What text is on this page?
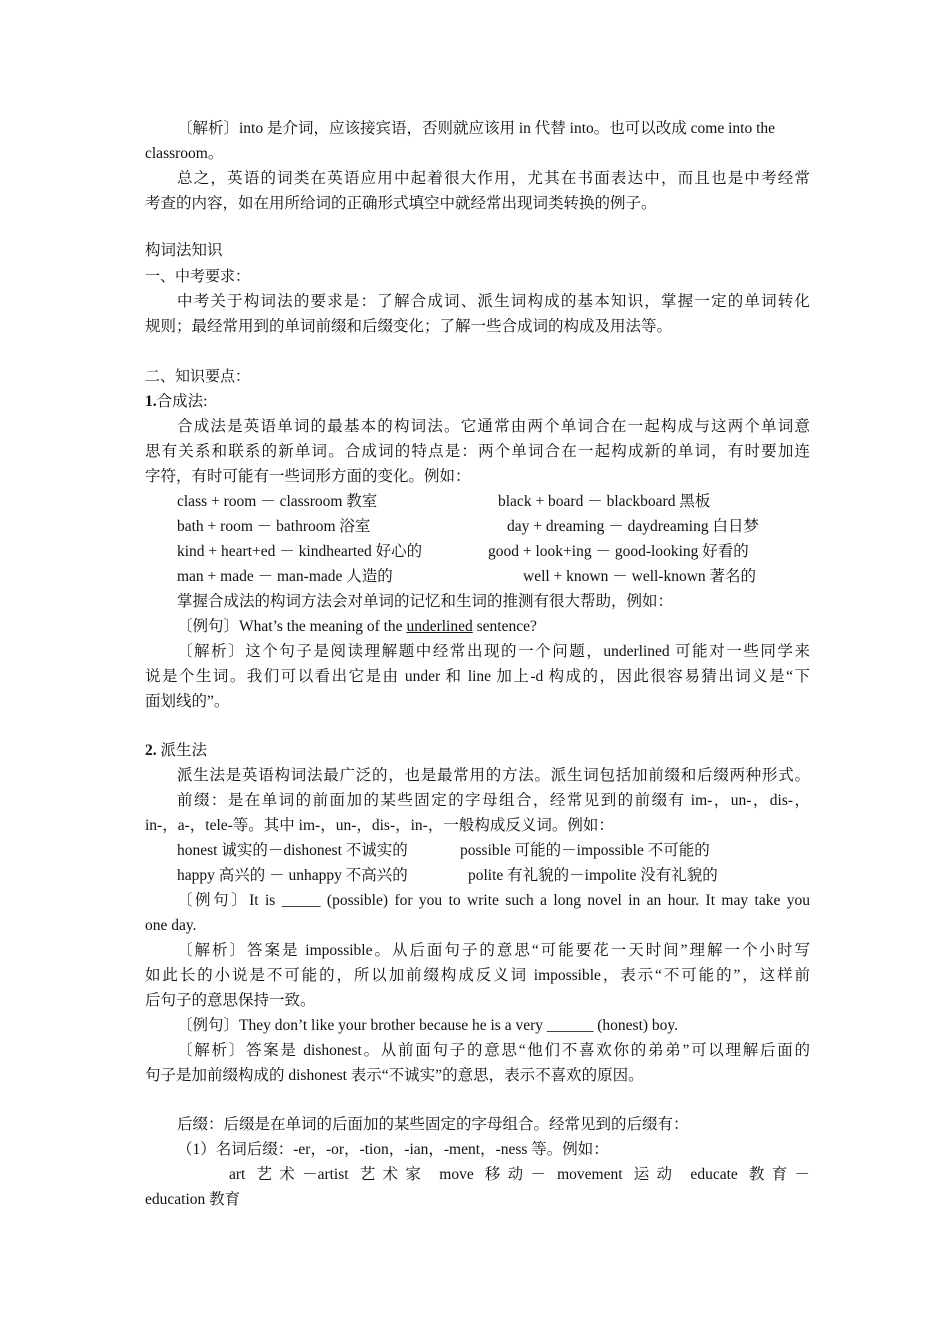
〔解析〕into 是介词，应该接宾语，否则就应该用 in 代替 into。也可以改成 come into the
classroom。
总之，英语的词类在英语应用中起着很大作用，尤其在书面表达中，而且也是中考经常
考查的内容，如在用所给词的正确形式填空中就经常出现词类转换的例子。
构词法知识
一、中考要求：
中考关于构词法的要求是：了解合成词、派生词构成的基本知识，掌握一定的单词转化
规则；最经常用到的单词前缀和后缀变化；了解一些合成词的构成及用法等。
二、知识要点：
1.合成法:
合成法是英语单词的最基本的构词法。它通常由两个单词合在一起构成与这两个单词意
思有关系和联系的新单词。合成词的特点是：两个单词合在一起构成新的单词，有时要加连
字符，有时可能有一些词形方面的变化。例如：
class + room － classroom 教室	black + board － blackboard 黑板
bath + room － bathroom 浴室	day + dreaming － daydreaming 白日梦
kind + heart+ed － kindhearted 好心的	good + look+ing － good-looking 好看的
man + made － man-made 人造的	well + known － well-known 著名的
掌握合成法的构词方法会对单词的记忆和生词的推测有很大帮助，例如：
〔例句〕What’s the meaning of the underlined sentence?
〔解析〕这个句子是阅读理解题中经常出现的一个问题，underlined 可能对一些同学来
说是个生词。我们可以看出它是由 under 和 line 加上-d 构成的，因此很容易猜出词义是“下
面划线的”。
2. 派生法
派生法是英语构词法最广泛的，也是最常用的方法。派生词包括加前缀和后缀两种形式。
前缀：是在单词的前面加的某些固定的字母组合，经常见到的前缀有 im-，un-，dis-，
in-，a-，tele-等。其中 im-，un-，dis-，in-，一般构成反义词。例如：
honest 诚实的－dishonest 不诚实的	possible 可能的－impossible 不可能的
happy 高兴的 － unhappy 不高兴的	polite 有礼貌的－impolite 没有礼貌的
〔例句〕It is _____ (possible) for you to write such a long novel in an hour. It may take you
one day.
〔解析〕答案是 impossible。从后面句子的意思“可能要花一天时间”理解一个小时写
如此长的小说是不可能的，所以加前缀构成反义词 impossible，表示“不可能的”，这样前
后句子的意思保持一致。
〔例句〕They don’t like your brother because he is a very ______ (honest) boy.
〔解析〕答案是 dishonest。从前面句子的意思“他们不喜欢你的弟弟”可以理解后面的
句子是加前缀构成的 dishonest 表示“不诚实”的意思，表示不喜欢的原因。
后缀：后缀是在单词的后面加的某些固定的字母组合。经常见到的后缀有：
（1）名词后缀：-er，-or，-tion，-ian，-ment，-ness 等。例如：
art 艺术－artist 艺术家 move 移动－ movement 运动 educate 教育－
education 教育
